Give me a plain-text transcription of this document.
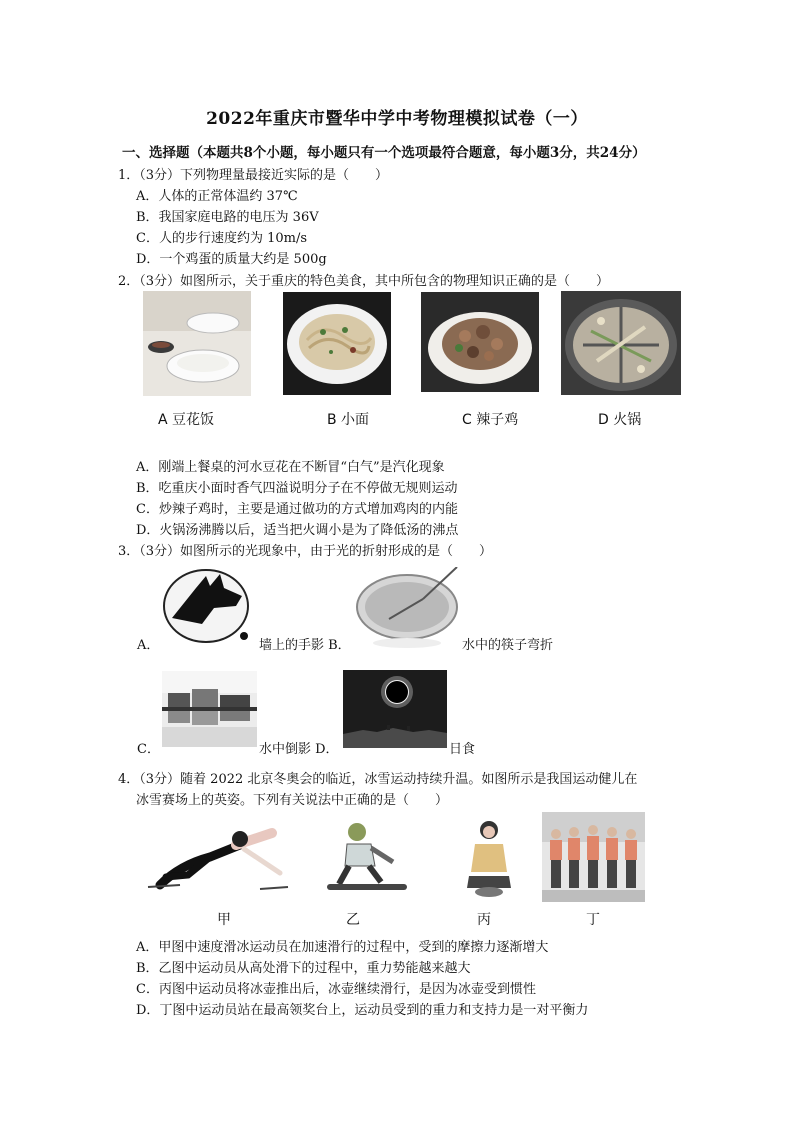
2022年重庆市暨华中学中考物理模拟试卷（一）
一、选择题（本题共8个小题，每小题只有一个选项最符合题意，每小题3分，共24分）
1．（3分）下列物理量最接近实际的是（　　）
A．人体的正常体温约 37℃
B．我国家庭电路的电压为 36V
C．人的步行速度约为 10m/s
D．一个鸡蛋的质量大约是 500g
2．（3分）如图所示，关于重庆的特色美食，其中所包含的物理知识正确的是（　　）
A 豆花饭	B 小面	C 辣子鸡	D 火锅
A．刚端上餐桌的河水豆花在不断冒“白气”是汽化现象
B．吃重庆小面时香气四溢说明分子在不停做无规则运动
C．炒辣子鸡时，主要是通过做功的方式增加鸡肉的内能
D．火锅汤沸腾以后，适当把火调小是为了降低汤的沸点
3．（3分）如图所示的光现象中，由于光的折射形成的是（　　）
A．	墙上的手影 B．	水中的筷子弯折
C．	水中倒影 D．	日食
4．（3分）随着 2022 北京冬奥会的临近，冰雪运动持续升温。如图所示是我国运动健儿在
冰雪赛场上的英姿。下列有关说法中正确的是（　　）
甲	乙	丙	丁
A．甲图中速度滑冰运动员在加速滑行的过程中，受到的摩擦力逐渐增大
B．乙图中运动员从高处滑下的过程中，重力势能越来越大
C．丙图中运动员将冰壶推出后，冰壶继续滑行，是因为冰壶受到惯性
D．丁图中运动员站在最高领奖台上，运动员受到的重力和支持力是一对平衡力
